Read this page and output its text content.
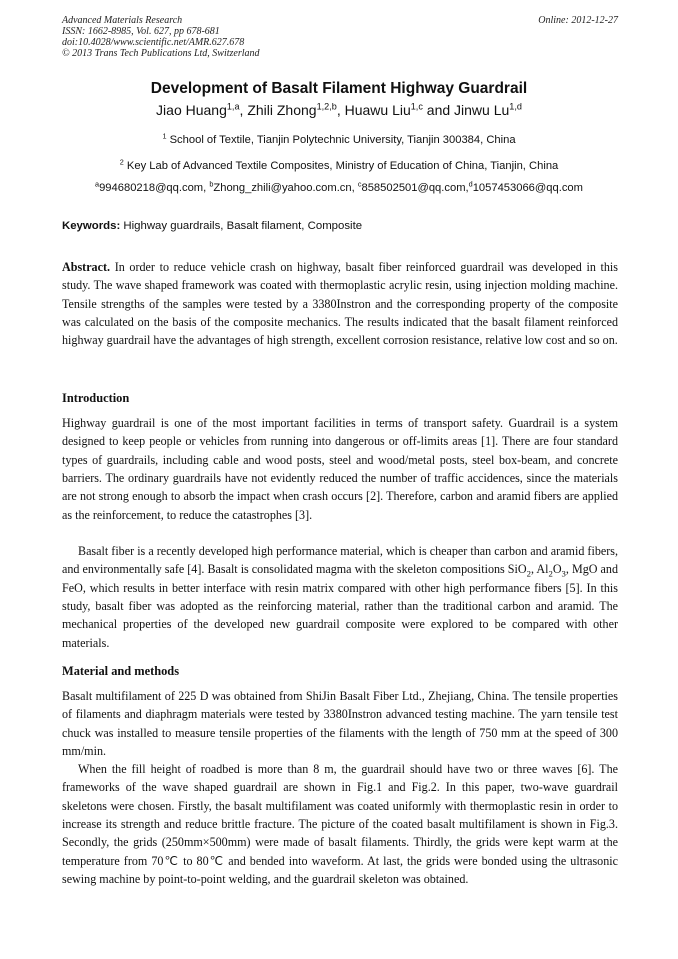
Advanced Materials Research
ISSN: 1662-8985, Vol. 627, pp 678-681
doi:10.4028/www.scientific.net/AMR.627.678
© 2013 Trans Tech Publications Ltd, Switzerland
Online: 2012-12-27
Development of Basalt Filament Highway Guardrail
Jiao Huang$^{1,a}$, Zhili Zhong$^{1,2,b}$, Huawu Liu$^{1,c}$ and Jinwu Lu$^{1,d}$
$^1$ School of Textile, Tianjin Polytechnic University, Tianjin 300384, China
$^2$ Key Lab of Advanced Textile Composites, Ministry of Education of China, Tianjin, China
$^a$994680218@qq.com, $^b$Zhong_zhili@yahoo.com.cn, $^c$858502501@qq.com,$^d$1057453066@qq.com
Keywords: Highway guardrails, Basalt filament, Composite

Abstract. In order to reduce vehicle crash on highway, basalt fiber reinforced guardrail was developed in this study. The wave shaped framework was coated with thermoplastic acrylic resin, using injection molding machine. Tensile strengths of the samples were tested by a 3380Instron and the corresponding property of the composite was calculated on the basis of the composite mechanics. The results indicated that the basalt filament reinforced highway guardrail have the advantages of high strength, excellent corrosion resistance, relative low cost and so on.

Introduction

Highway guardrail is one of the most important facilities in terms of transport safety. Guardrail is a system designed to keep people or vehicles from running into dangerous or off-limits areas [1]. There are four standard types of guardrails, including cable and wood posts, steel and wood/metal posts, steel box-beam, and concrete barriers. The ordinary guardrails have not evidently reduced the number of traffic accidences, since the materials are not strong enough to absorb the impact when crash occurs [2]. Therefore, carbon and aramid fibers are applied as the reinforcement, to reduce the catastrophes [3].

Basalt fiber is a recently developed high performance material, which is cheaper than carbon and aramid fibers, and environmentally safe [4]. Basalt is consolidated magma with the skeleton compositions SiO$_2$, $Al_2O_3$, MgO and FeO, which results in better interface with resin matrix compared with other high performance fibers [5]. In this study, basalt fiber was adopted as the reinforcing material, rather than the traditional carbon and aramid. The mechanical properties of the developed new guardrail composite were explored to be compared with other materials.

Material and methods

Basalt multifilament of 225 D was obtained from ShiJin Basalt Fiber Ltd., Zhejiang, China. The tensile properties of filaments and diaphragm materials were tested by 3380Instron advanced testing machine. The yarn tensile test chuck was installed to measure tensile properties of the filaments with the length of 750 mm at the speed of 300 mm/min.

When the fill height of roadbed is more than 8 m, the guardrail should have two or three waves [6]. The frameworks of the wave shaped guardrail are shown in Fig.1 and Fig.2. In this paper, two-wave guardrail skeletons were chosen. Firstly, the basalt multifilament was coated uniformly with thermoplastic resin in order to increase its strength and reduce brittle fracture. The picture of the coated basalt multifilament is shown in Fig.3. Secondly, the grids (250mm×500mm) were made of basalt filaments. Thirdly, the grids were kept warm at the temperature from 70℃ to 80℃ and bended into waveform. At last, the grids were bonded using the ultrasonic sewing machine by point-to-point welding, and the guardrail skeleton was obtained.
